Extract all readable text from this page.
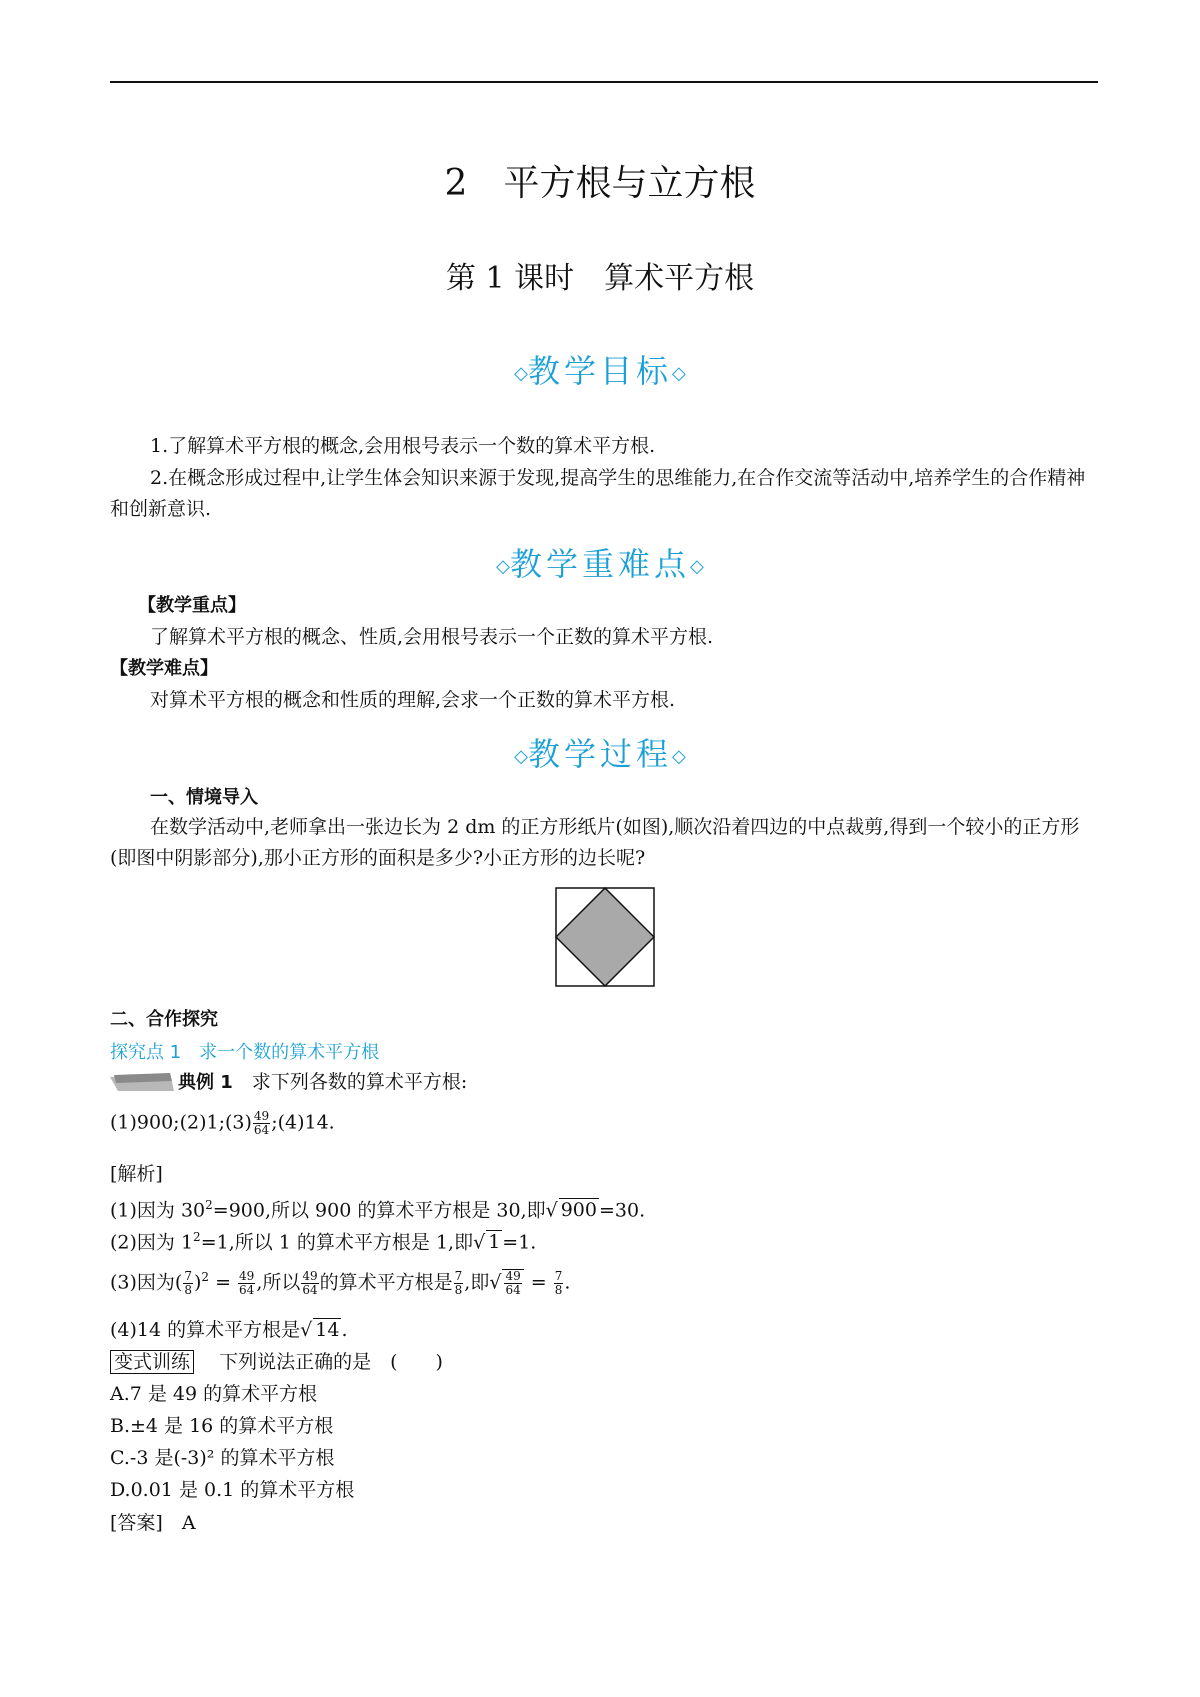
2　平方根与立方根
第 1 课时　算术平方根
◇教学目标◇
1.了解算术平方根的概念,会用根号表示一个数的算术平方根.
2.在概念形成过程中,让学生体会知识来源于发现,提高学生的思维能力,在合作交流等活动中,培养学生的合作精神和创新意识.
◇教学重难点◇
【教学重点】
了解算术平方根的概念、性质,会用根号表示一个正数的算术平方根.
【教学难点】
对算术平方根的概念和性质的理解,会求一个正数的算术平方根.
◇教学过程◇
一、情境导入
在数学活动中,老师拿出一张边长为 2 dm 的正方形纸片(如图),顺次沿着四边的中点裁剪,得到一个较小的正方形(即图中阴影部分),那小正方形的面积是多少?小正方形的边长呢?
二、合作探究
探究点 1　求一个数的算术平方根
典例 1　 求下列各数的算术平方根:
(1)900;(2)1;(3) $\frac{49}{64}$ ;(4)14.
[解析]
(1)因为 $30^2=900$,所以 900 的算术平方根是 30,即√ 900 =30.
(2)因为 $1^2=1$,所以 1 的算术平方根是 1,即√ 1 =1.
(3)因为( $\frac{7}{8} )^2 = \frac{49}{64}$ ,所以 $\frac{49}{64}$ 的算术平方根是 $\frac{7}{8}$ ,即√ $\frac{49}{64} = \frac{7}{8}$ .
(4)14 的算术平方根是√ 14 .
变式训练　 下列说法正确的是　(　　)
A.7 是 49 的算术平方根
B.±4 是 16 的算术平方根
C.-3 是(-3)² 的算术平方根
D.0.01 是 0.1 的算术平方根
[答案]　 A
